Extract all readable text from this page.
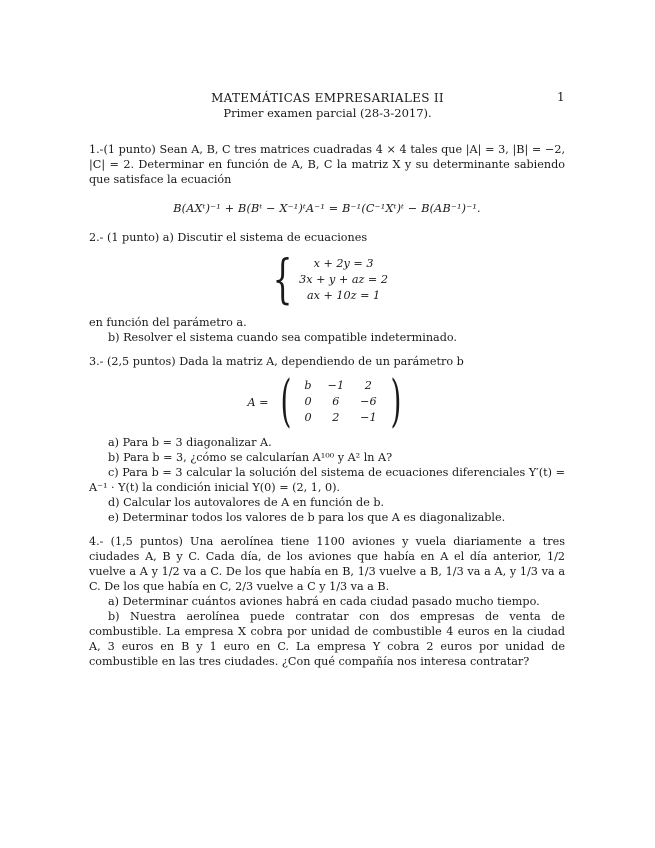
MATEMÁTICAS EMPRESARIALES II
Primer examen parcial (28-3-2017).
1

1.-(1 punto) Sean A, B, C tres matrices cuadradas 4 × 4 tales que |A| = 3, |B| = −2, |C| = 2. Determinar en función de A, B, C la matriz X y su determinante sabiendo que satisface la ecuación

B(AXᵗ)⁻¹ + B(Bᵗ − X⁻¹)ᵗA⁻¹ = B⁻¹(C⁻¹Xᵗ)ᵗ − B(AB⁻¹)⁻¹.

2.- (1 punto) a) Discutir el sistema de ecuaciones

{	x + 2y = 3
3x + y + az = 2
ax + 10z = 1

en función del parámetro a.

b) Resolver el sistema cuando sea compatible indeterminado.

3.- (2,5 puntos) Dada la matriz A, dependiendo de un parámetro b

A = ( b	−1	2
0	6	−6
0	2	−1 )

a) Para b = 3 diagonalizar A.

b) Para b = 3, ¿cómo se calcularían A¹⁰⁰ y A² ln A?

c) Para b = 3 calcular la solución del sistema de ecuaciones diferenciales Y′(t) = A⁻¹ · Y(t) la condición inicial Y(0) = (2, 1, 0).

d) Calcular los autovalores de A en función de b.

e) Determinar todos los valores de b para los que A es diagonalizable.

4.- (1,5 puntos) Una aerolínea tiene 1100 aviones y vuela diariamente a tres ciudades A, B y C. Cada día, de los aviones que había en A el día anterior, 1/2 vuelve a A y 1/2 va a C. De los que había en B, 1/3 vuelve a B, 1/3 va a A, y 1/3 va a C. De los que había en C, 2/3 vuelve a C y 1/3 va a B.

a) Determinar cuántos aviones habrá en cada ciudad pasado mucho tiempo.

b) Nuestra aerolínea puede contratar con dos empresas de venta de combustible. La empresa X cobra por unidad de combustible 4 euros en la ciudad A, 3 euros en B y 1 euro en C. La empresa Y cobra 2 euros por unidad de combustible en las tres ciudades. ¿Con qué compañía nos interesa contratar?
